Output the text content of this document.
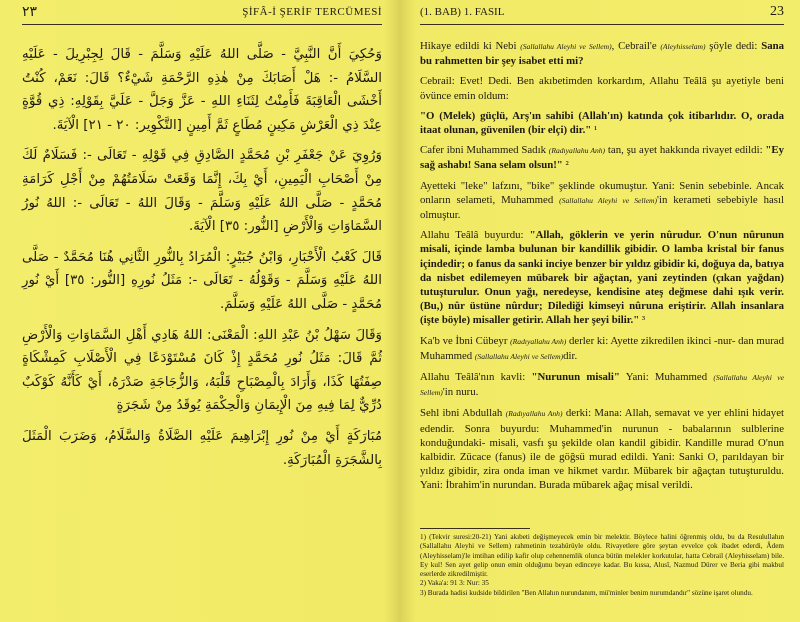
٢٣	ŞİFÂ-İ ŞERİF TERCÜMESİ

وَحُكِيَ أَنَّ النَّبِيَّ - صَلَّى اللهُ عَلَيْهِ وَسَلَّمَ - قَالَ لِجِبْرِيلَ - عَلَيْهِ السَّلَامُ -: هَلْ أَصَابَكَ مِنْ هٰذِهِ الرَّحْمَةِ شَيْءٌ؟ قَالَ: نَعَمْ، كُنْتُ أَخْشَى الْعَاقِبَةَ فَأَمِنْتُ لِثَنَاءِ اللهِ - عَزَّ وَجَلَّ - عَلَيَّ بِقَوْلِهِ: ذِي قُوَّةٍ عِنْدَ ذِي الْعَرْشِ مَكِينٍ مُطَاعٍ ثَمَّ أَمِينٍ [التَّكْوِير: ٢٠ - ٢١] الْآيَةَ.

وَرُوِيَ عَنْ جَعْفَرِ بْنِ مُحَمَّدٍ الصَّادِقِ فِي قَوْلِهِ - تَعَالَى -: فَسَلَامٌ لَكَ مِنْ أَصْحَابِ الْيَمِينِ، أَيْ بِكَ، إِنَّمَا وَقَعَتْ سَلَامَتُهُمْ مِنْ أَجْلِ كَرَامَةِ مُحَمَّدٍ - صَلَّى اللهُ عَلَيْهِ وَسَلَّمَ - وَقَالَ اللهُ - تَعَالَى -: اللهُ نُورُ السَّمَاوَاتِ وَالْأَرْضِ [النُّور: ٣٥] الْآيَةَ.

قَالَ كَعْبُ الْأَحْبَارِ، وَابْنُ جُبَيْرٍ: الْمُرَادُ بِالنُّورِ الثَّانِي هُنَا مُحَمَّدٌ - صَلَّى اللهُ عَلَيْهِ وَسَلَّمَ - وَقَوْلُهُ - تَعَالَى -: مَثَلُ نُورِهِ [النُّور: ٣٥] أَيْ نُورِ مُحَمَّدٍ - صَلَّى اللهُ عَلَيْهِ وَسَلَّمَ.

وَقَالَ سَهْلُ بْنُ عَبْدِ اللهِ: الْمَعْنَى: اللهُ هَادِي أَهْلِ السَّمَاوَاتِ وَالْأَرْضِ ثُمَّ قَالَ: مَثَلُ نُورِ مُحَمَّدٍ إِذْ كَانَ مُسْتَوْدَعًا فِي الْأَصْلَابِ كَمِشْكَاةٍ صِفَتُهَا كَذَا، وَأَرَادَ بِالْمِصْبَاحِ قَلْبَهُ، وَالزُّجَاجَةِ صَدْرَهُ، أَيْ كَأَنَّهُ كَوْكَبٌ دُرِّيٌّ لِمَا فِيهِ مِنَ الْإِيمَانِ وَالْحِكْمَةِ يُوقَدُ مِنْ شَجَرَةٍ

مُبَارَكَةٍ أَيْ مِنْ نُورِ إِبْرَاهِيمَ عَلَيْهِ الصَّلَاةُ وَالسَّلَامُ، وَضَرَبَ الْمَثَلَ بِالشَّجَرَةِ الْمُبَارَكَةِ.

(1. BAB) 1. FASIL	23

Hikaye edildi ki Nebi (Sallallahu Aleyhi ve Sellem), Cebrail'e (Aleyhisselam) şöyle dedi: Sana bu rahmetten bir şey isabet etti mi?

Cebrail: Evet! Dedi. Ben akıbetimden korkardım, Allahu Teâlâ şu ayetiyle beni övünce emin oldum:

"O (Melek) güçlü, Arş'ın sahibi (Allah'ın) katında çok itibarlıdır. O, orada itaat olunan, güvenilen (bir elçi) dir." ¹

Cafer ibni Muhammed Sadık (Radıyallahu Anh) tan, şu ayet hakkında rivayet edildi: "Ey sağ ashabı! Sana selam olsun!" ²

Ayetteki "leke" lafzını, "bike" şeklinde okumuştur. Yani: Senin sebebinle. Ancak onların selameti, Muhammed (Sallallahu Aleyhi ve Sellem)'in kerameti sebebiyle hasıl olmuştur.

Allahu Teâlâ buyurdu: "Allah, göklerin ve yerin nûrudur. O'nun nûrunun misali, içinde lamba bulunan bir kandillik gibidir. O lamba kristal bir fanus içindedir; o fanus da sanki inciye benzer bir yıldız gibidir ki, doğuya da, batıya da nisbet edilemeyen mübarek bir ağaçtan, yani zeytinden (çıkan yağdan) tutuşturulur. Onun yağı, neredeyse, kendisine ateş değmese dahi ışık verir. (Bu,) nûr üstüne nûrdur; Dilediği kimseyi nûruna eriştirir. Allah insanlara (işte böyle) misaller getirir. Allah her şeyi bilir." ³

Ka'b ve İbni Cübeyr (Radıyallahu Anh) derler ki: Ayette zikredilen ikinci -nur- dan murad Muhammed (Sallallahu Aleyhi ve Sellem)dir.

Allahu Teâlâ'nın kavli: "Nurunun misali" Yani: Muhammed (Sallallahu Aleyhi ve Sellem)'in nuru.

Sehl ibni Abdullah (Radıyallahu Anh) derki: Mana: Allah, semavat ve yer ehlini hidayet edendir. Sonra buyurdu: Muhammed'in nurunun - babalarının sulblerine konduğundaki- misali, vasfı şu şekilde olan kandil gibidir. Kandille murad O'nun kalbidir. Zücace (fanus) ile de göğsü murad edildi. Yani: Sanki O, parıldayan bir yıldız gibidir, zira onda iman ve hikmet vardır. Mübarek bir ağaçtan tutuşturuldu. Yani: İbrahim'in nurundan. Burada mübarek ağaç misal verildi.

1) (Tekvir suresi:20-21) Yani akıbeti değişmeyecek emin bir melektir. Böylece halini öğrenmiş oldu, bu da Resulullahın (Sallallahu Aleyhi ve Sellem) rahmetinin tezahürüyle oldu. Rivayetlere göre şeytan evvelce çok ibadet ederdi, Âdem (Aleyhisselam)'le imtihan edilip kafir olup cehennemlik olunca bütün melekler korkutular, hatta Cebrail (Aleyhisselam) bile. Ey kul! Sen ayet gelip onun emin olduğunu beyan edinceye kadar. Bu kıssa, Alusî, Nazmud Dürer ve Beria gibi makbul eserlerde zikredilmiştir.

2) Vaka'a: 91 3: Nur: 35

3) Burada hadisi kudside bildirilen "Ben Allahın nurundanım, mü'minler benim nurumdandır" sözüne işaret olundu.
